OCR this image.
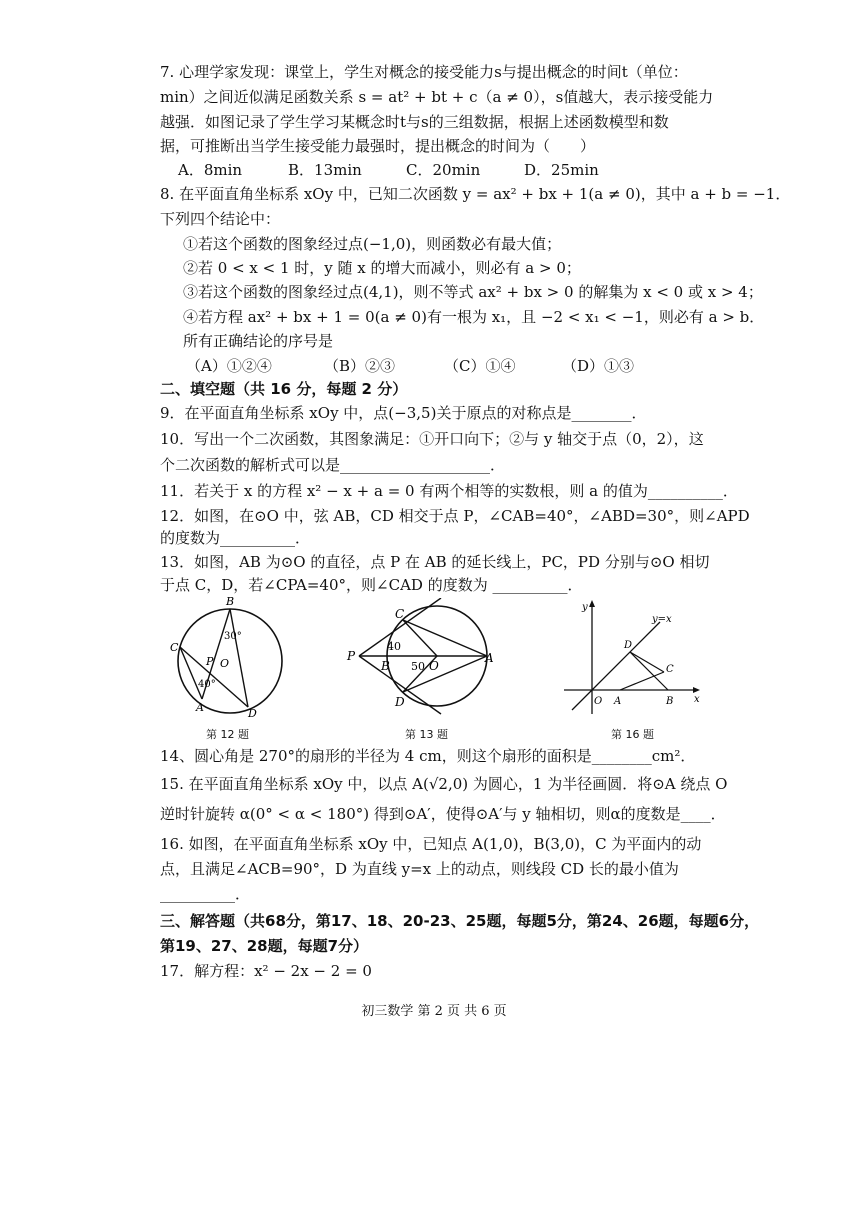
7. 心理学家发现：课堂上，学生对概念的接受能力s与提出概念的时间t（单位：
min）之间近似满足函数关系 s = at² + bt + c（a ≠ 0），s值越大，表示接受能力
越强．如图记录了学生学习某概念时t与s的三组数据，根据上述函数模型和数
据，可推断出当学生接受能力最强时，提出概念的时间为（　　）
A．8min	B．13min	C．20min	D．25min
8. 在平面直角坐标系 xOy 中，已知二次函数 y = ax² + bx + 1(a ≠ 0)，其中 a + b = −1．
下列四个结论中：
①若这个函数的图象经过点(−1,0)，则函数必有最大值；
②若 0 < x < 1 时，y 随 x 的增大而减小，则必有 a > 0；
③若这个函数的图象经过点(4,1)，则不等式 ax² + bx > 0 的解集为 x < 0 或 x > 4；
④若方程 ax² + bx + 1 = 0(a ≠ 0)有一根为 x₁，且 −2 < x₁ < −1，则必有 a > b．
所有正确结论的序号是
（A）①②④	（B）②③	（C）①④	（D）①③
二、填空题（共 16 分，每题 2 分）
9．在平面直角坐标系 xOy 中，点(−3,5)关于原点的对称点是________．
10．写出一个二次函数，其图象满足：①开口向下；②与 y 轴交于点（0，2），这
个二次函数的解析式可以是____________________．
11．若关于 x 的方程 x² − x + a = 0 有两个相等的实数根，则 a 的值为__________．
12．如图，在⊙O 中，弦 AB，CD 相交于点 P，∠CAB=40°，∠ABD=30°，则∠APD
的度数为__________．
13．如图，AB 为⊙O 的直径，点 P 在 AB 的延长线上，PC，PD 分别与⊙O 相切
于点 C，D，若∠CPA=40°，则∠CAD 的度数为 __________．
B
C
P O
A	D
30°
40°
第 12 题
C
P
B	O
A
D
40
50
第 13 题
y
y=x
D
C
O A	B x
第 16 题
14、圆心角是 270°的扇形的半径为 4 cm，则这个扇形的面积是________cm²．
15. 在平面直角坐标系 xOy 中，以点 A(√2,0) 为圆心，1 为半径画圆．将⊙A 绕点 O
逆时针旋转 α(0° < α < 180°) 得到⊙A′，使得⊙A′与 y 轴相切，则α的度数是____．
16. 如图，在平面直角坐标系 xOy 中，已知点 A(1,0)，B(3,0)，C 为平面内的动
点，且满足∠ACB=90°，D 为直线 y=x 上的动点，则线段 CD 长的最小值为
__________．
三、解答题（共68分，第17、18、20-23、25题，每题5分，第24、26题，每题6分，
第19、27、28题，每题7分）
17．解方程：x² − 2x − 2 = 0
初三数学 第 2 页 共 6 页
